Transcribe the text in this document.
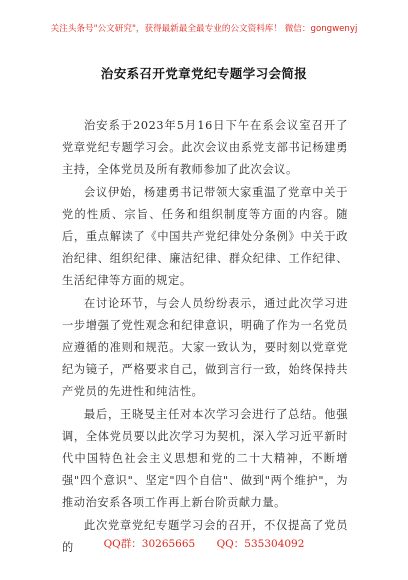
关注头条号"公文研究"，获得最新最全最专业的公文资料库！ 微信：gongwenyj
治安系召开党章党纪专题学习会简报

治安系于2023年5月16日下午在系会议室召开了党章党纪专题学习会。此次会议由系党支部书记杨建勇主持，全体党员及所有教师参加了此次会议。

会议伊始，杨建勇书记带领大家重温了党章中关于党的性质、宗旨、任务和组织制度等方面的内容。随后，重点解读了《中国共产党纪律处分条例》中关于政治纪律、组织纪律、廉洁纪律、群众纪律、工作纪律、生活纪律等方面的规定。

在讨论环节，与会人员纷纷表示，通过此次学习进一步增强了党性观念和纪律意识，明确了作为一名党员应遵循的准则和规范。大家一致认为，要时刻以党章党纪为镜子，严格要求自己，做到言行一致，始终保持共产党员的先进性和纯洁性。

最后，王晓旻主任对本次学习会进行了总结。他强调，全体党员要以此次学习为契机，深入学习近平新时代中国特色社会主义思想和党的二十大精神，不断增强"四个意识"、坚定"四个自信"、做到"两个维护"，为推动治安系各项工作再上新台阶贡献力量。

此次党章党纪专题学习会的召开，不仅提高了党员的	QQ群：30265665 QQ：535304092
